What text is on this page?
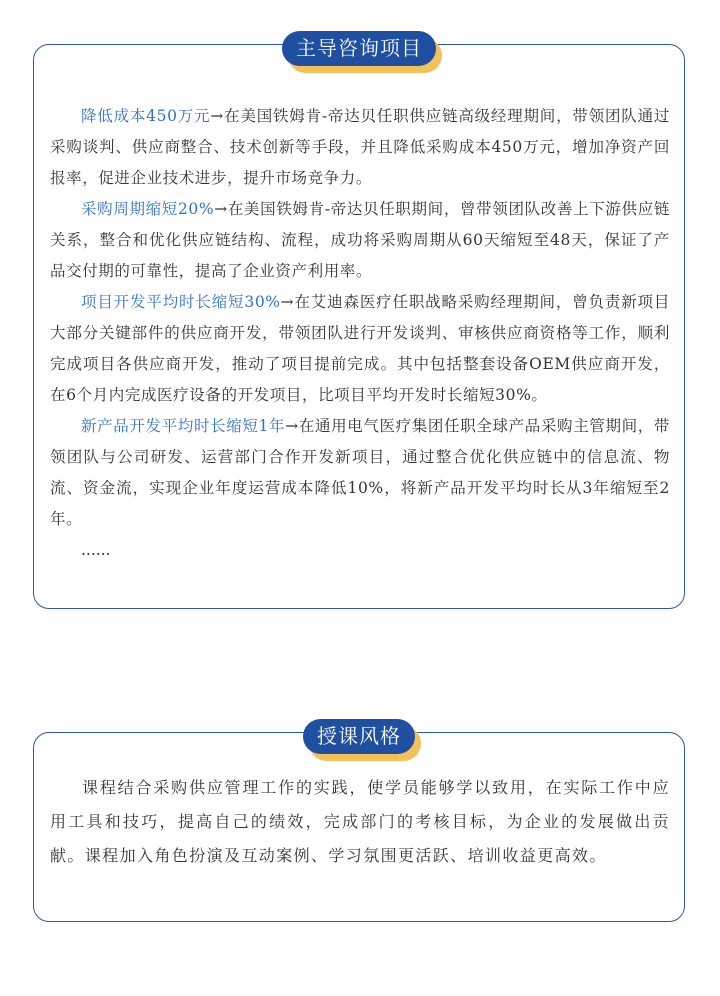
主导咨询项目

降低成本450万元→在美国铁姆肯-帝达贝任职供应链高级经理期间，带领团队通过采购谈判、供应商整合、技术创新等手段，并且降低采购成本450万元，增加净资产回报率，促进企业技术进步，提升市场竞争力。

采购周期缩短20%→在美国铁姆肯-帝达贝任职期间，曾带领团队改善上下游供应链关系，整合和优化供应链结构、流程，成功将采购周期从60天缩短至48天，保证了产品交付期的可靠性，提高了企业资产利用率。

项目开发平均时长缩短30%→在艾迪森医疗任职战略采购经理期间，曾负责新项目大部分关键部件的供应商开发，带领团队进行开发谈判、审核供应商资格等工作，顺利完成项目各供应商开发，推动了项目提前完成。其中包括整套设备OEM供应商开发，在6个月内完成医疗设备的开发项目，比项目平均开发时长缩短30%。

新产品开发平均时长缩短1年→在通用电气医疗集团任职全球产品采购主管期间，带领团队与公司研发、运营部门合作开发新项目，通过整合优化供应链中的信息流、物流、资金流，实现企业年度运营成本降低10%，将新产品开发平均时长从3年缩短至2年。

......

授课风格

课程结合采购供应管理工作的实践，使学员能够学以致用，在实际工作中应用工具和技巧，提高自己的绩效，完成部门的考核目标，为企业的发展做出贡献。课程加入角色扮演及互动案例、学习氛围更活跃、培训收益更高效。
